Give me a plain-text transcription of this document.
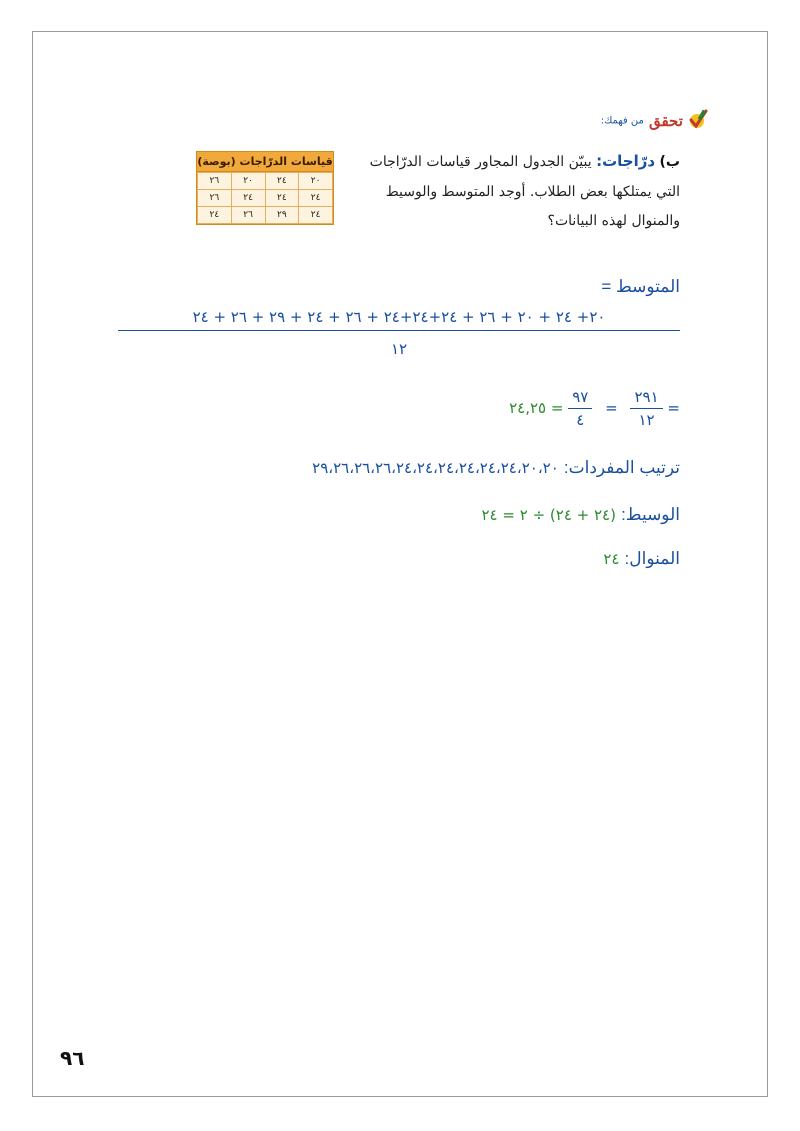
تحقق من فهمك:
ب) درّاجات: يبيّن الجدول المجاور قياسات الدرّاجات
التي يمتلكها بعض الطلاب. أوجد المتوسط والوسيط
والمنوال لهذه البيانات؟
قياسات الدرّاجات (بوصة)
٢٠	٢٤	٢٠	٢٦
٢٤	٢٤	٢٤	٢٦
٢٤	٢٩	٢٦	٢٤
المتوسط =
٢٠+ ٢٤ + ٢٠ + ٢٦ + ٢٤+٢٤+٢٤ + ٢٦ + ٢٤ + ٢٩ + ٢٦ + ٢٤
١٢
=
$\frac{٢٩١}{١٢}$
=
$\frac{٩٧}{٤}$
= ٢٤,٢٥
ترتيب المفردات: ٢٩،٢٦،٢٦،٢٦،٢٤،٢٤،٢٤،٢٤،٢٤،٢٤،٢٠،٢٠
الوسيط: (٢٤ + ٢٤) ÷ ٢ = ٢٤
المنوال: ٢٤
٩٦
